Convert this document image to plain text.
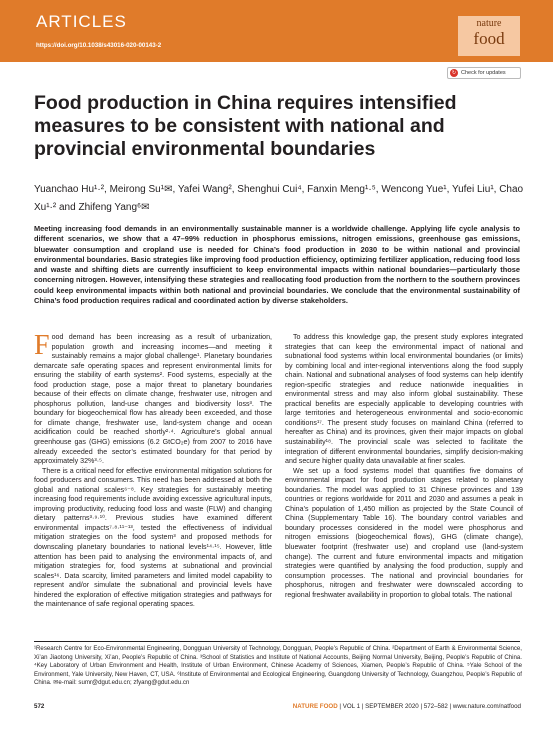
ARTICLES
https://doi.org/10.1038/s43016-020-00143-2
nature
food
↻ Check for updates
Food production in China requires intensified measures to be consistent with national and provincial environmental boundaries
Yuanchao Hu¹·², Meirong Su¹✉, Yafei Wang², Shenghui Cui⁴, Fanxin Meng¹·⁵, Wencong Yue¹, Yufei Liu¹, Chao Xu¹·² and Zhifeng Yang⁶✉
Meeting increasing food demands in an environmentally sustainable manner is a worldwide challenge. Applying life cycle analysis to different scenarios, we show that a 47–99% reduction in phosphorus emissions, nitrogen emissions, greenhouse gas emissions, bluewater consumption and cropland use is needed for China’s food production in 2030 to be within national and provincial environmental boundaries. Basic strategies like improving food production efficiency, optimizing fertilizer application, reducing food loss and waste and shifting diets are currently insufficient to keep environmental impacts within national boundaries—particularly those concerning nitrogen. However, intensifying these strategies and reallocating food production from the northern to the southern provinces could keep environmental impacts within both national and provincial boundaries. We conclude that the environmental sustainability of China’s food production requires radical and coordinated action by diverse stakeholders.

Food demand has been increasing as a result of urbanization, population growth and increasing incomes—and meeting it sustainably remains a major global challenge¹. Planetary boundaries demarcate safe operating spaces and represent environmental limits for ensuring the stability of earth systems². Food systems, especially at the food production stage, pose a major threat to planetary boundaries because of their effects on climate change, freshwater use, nitrogen and phosphorus pollution, land-use changes and biodiversity loss³. The boundary for biogeochemical flow has already been exceeded, and those for climate change, freshwater use, land-system change and ocean acidification could be reached shortly²·⁴. Agriculture’s global annual greenhouse gas (GHG) emissions (6.2 GtCO₂e) from 2007 to 2016 have already exceeded the sector’s estimated boundary for that period by approximately 32%³·⁵.

There is a critical need for effective environmental mitigation solutions for food producers and consumers. This need has been addressed at both the global and national scales⁶⁻⁸. Key strategies for sustainably meeting increasing food requirements include avoiding excessive agricultural inputs, improving productivity, reducing food loss and waste (FLW) and changing dietary patterns³·⁹·¹⁰. Previous studies have examined different environmental impacts⁷·⁸·¹¹⁻¹³, tested the effectiveness of individual mitigation strategies on the food system³ and proposed methods for downscaling planetary boundaries to national levels¹⁴·¹⁵. However, little attention has been paid to analysing the environmental impacts of, and mitigation strategies for, food systems at subnational and provincial scales¹⁶. Data scarcity, limited parameters and limited model capability to represent and/or simulate the subnational and provincial levels have hindered the exploration of effective mitigation strategies and pathways for the maintenance of safe regional operating spaces.

To address this knowledge gap, the present study explores integrated strategies that can keep the environmental impact of national and subnational food systems within local environmental boundaries (or limits) by combining local and inter-regional interventions along the food supply chain. National and subnational analyses of food systems can help identify region-specific strategies and reduce nationwide inequalities in environmental stress and may also inform global sustainability. These practical benefits are especially applicable to developing countries with large territories and heterogeneous environmental and socio-economic conditions¹⁷. The present study focuses on mainland China (referred to hereafter as China) and its provinces, given their major impacts on global sustainability¹⁸. The provincial scale was selected to facilitate the integration of different environmental boundaries, simplify decision-making and secure higher quality data unavailable at finer scales.

We set up a food systems model that quantifies five domains of environmental impact for food production stages related to planetary boundaries. The model was applied to 31 Chinese provinces and 139 countries or regions worldwide for 2011 and 2030 and assumes a peak in China’s population of 1,450 million as projected by the State Council of China (Supplementary Table 16). The boundary control variables and boundary processes considered in the model were phosphorus and nitrogen emissions (biogeochemical flows), GHG (climate change), bluewater footprint (freshwater use) and cropland use (land-system change). The current and future environmental impacts and mitigation strategies were quantified by analysing the food production, supply and consumption processes. The national and provincial boundaries for phosphorus, nitrogen and freshwater were downscaled according to regional freshwater availability in proportion to global totals. The national

¹Research Centre for Eco-Environmental Engineering, Dongguan University of Technology, Dongguan, People’s Republic of China. ²Department of Earth & Environmental Science, Xi’an Jiaotong University, Xi’an, People’s Republic of China. ³School of Statistics and Institute of National Accounts, Beijing Normal University, Beijing, People’s Republic of China. ⁴Key Laboratory of Urban Environment and Health, Institute of Urban Environment, Chinese Academy of Sciences, Xiamen, People’s Republic of China. ⁵Yale School of the Environment, Yale University, New Haven, CT, USA. ⁶Institute of Environmental and Ecological Engineering, Guangdong University of Technology, Guangzhou, People’s Republic of China. ✉e-mail: sumr@dgut.edu.cn; zfyang@gdut.edu.cn
572	NATURE FOOD | VOL 1 | SEPTEMBER 2020 | 572–582 | www.nature.com/natfood
